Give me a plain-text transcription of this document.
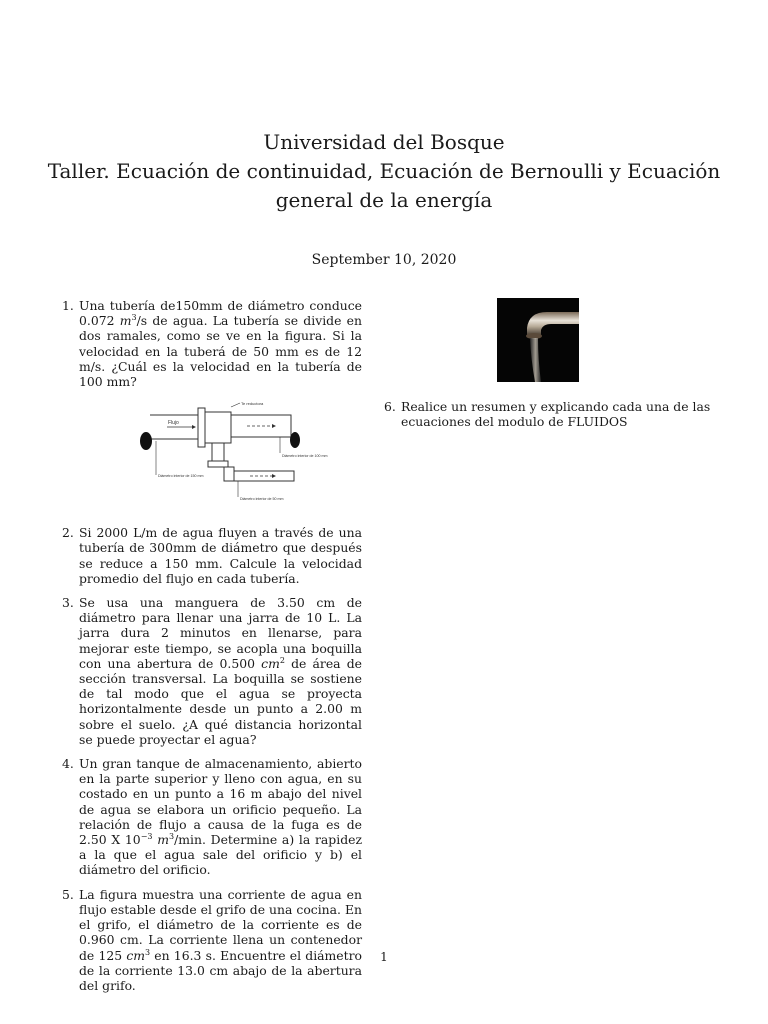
Universidad del Bosque
Taller. Ecuación de continuidad, Ecuación de Bernoulli y Ecuación
general de la energía
September 10, 2020
1. Una tubería de150mm de diámetro conduce 0.072 $m^3/s$ de agua. La tubería se divide en dos ramales, como se ve en la figura. Si la velocidad en la tuberá de 50 mm es de 12 m/s. ¿Cuál es la velocidad en la tubería de 100 mm?

Te reductora
Flujo
Diámetro interior de 150 mm
Diámetro interior de 100 mm
Diámetro interior de 50 mm
2. Si 2000 L/m de agua fluyen a través de una tubería de 300mm de diámetro que después se reduce a 150 mm. Calcule la velocidad promedio del flujo en cada tubería.

3. Se usa una manguera de 3.50 cm de diámetro para llenar una jarra de 10 L. La jarra dura 2 minutos en llenarse, para mejorar este tiempo, se acopla una boquilla con una abertura de 0.500 $cm^2$ de área de sección transversal. La boquilla se sostiene de tal modo que el agua se proyecta horizontalmente desde un punto a 2.00 m sobre el suelo. ¿A qué distancia horizontal se puede proyectar el agua?

4. Un gran tanque de almacenamiento, abierto en la parte superior y lleno con agua, en su costado en un punto a 16 m abajo del nivel de agua se elabora un orificio pequeño. La relación de flujo a causa de la fuga es de 2.50 X $10^{-3}$ $m^3/\min$. Determine a) la rapidez a la que el agua sale del orificio y b) el diámetro del orificio.

5. La figura muestra una corriente de agua en flujo estable desde el grifo de una cocina. En el grifo, el diámetro de la corriente es de 0.960 cm. La corriente llena un contenedor de 125 $cm^3$ en 16.3 s. Encuentre el diámetro de la corriente 13.0 cm abajo de la abertura del grifo.

6. Realice un resumen y explicando cada una de las ecuaciones del modulo de FLUIDOS

1
